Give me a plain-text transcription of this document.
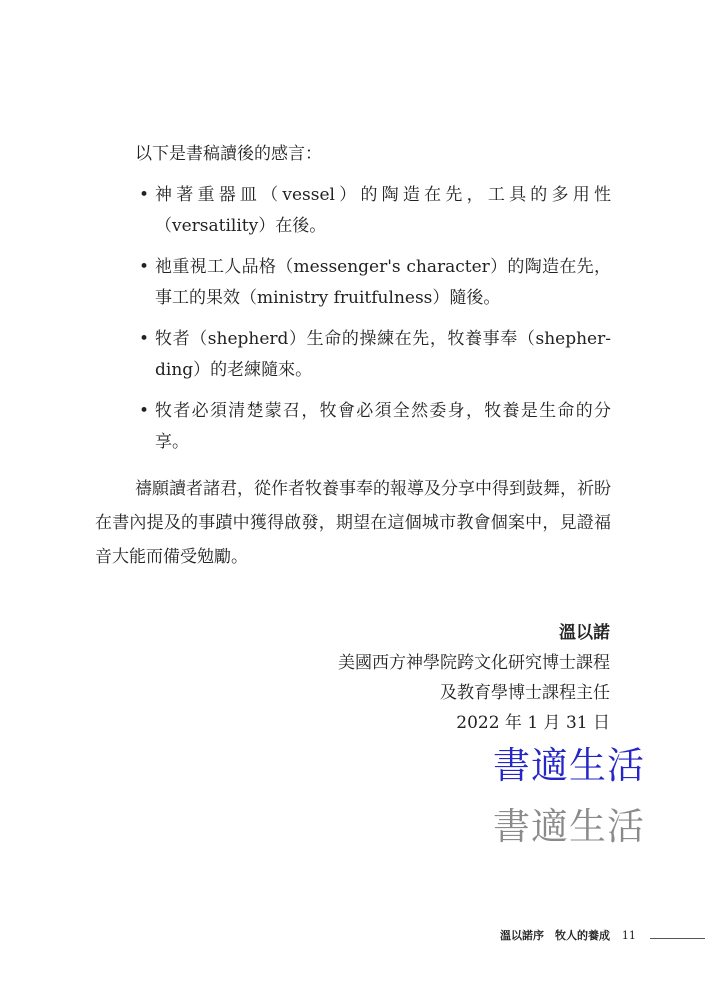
以下是書稿讀後的感言：
• 神著重器皿（vessel）的陶造在先，工具的多用性（versatility）在後。
• 祂重視工人品格（messenger's character）的陶造在先，事工的果效（ministry fruitfulness）隨後。
• 牧者（shepherd）生命的操練在先，牧養事奉（shepher-ding）的老練隨來。
• 牧者必須清楚蒙召，牧會必須全然委身，牧養是生命的分享。

禱願讀者諸君，從作者牧養事奉的報導及分享中得到鼓舞，祈盼在書內提及的事蹟中獲得啟發，期望在這個城市教會個案中，見證福音大能而備受勉勵。

溫以諾
美國西方神學院跨文化研究博士課程
及教育學博士課程主任
2022 年 1 月 31 日
書適生活
書適生活
溫以諾序　牧人的養成 11
